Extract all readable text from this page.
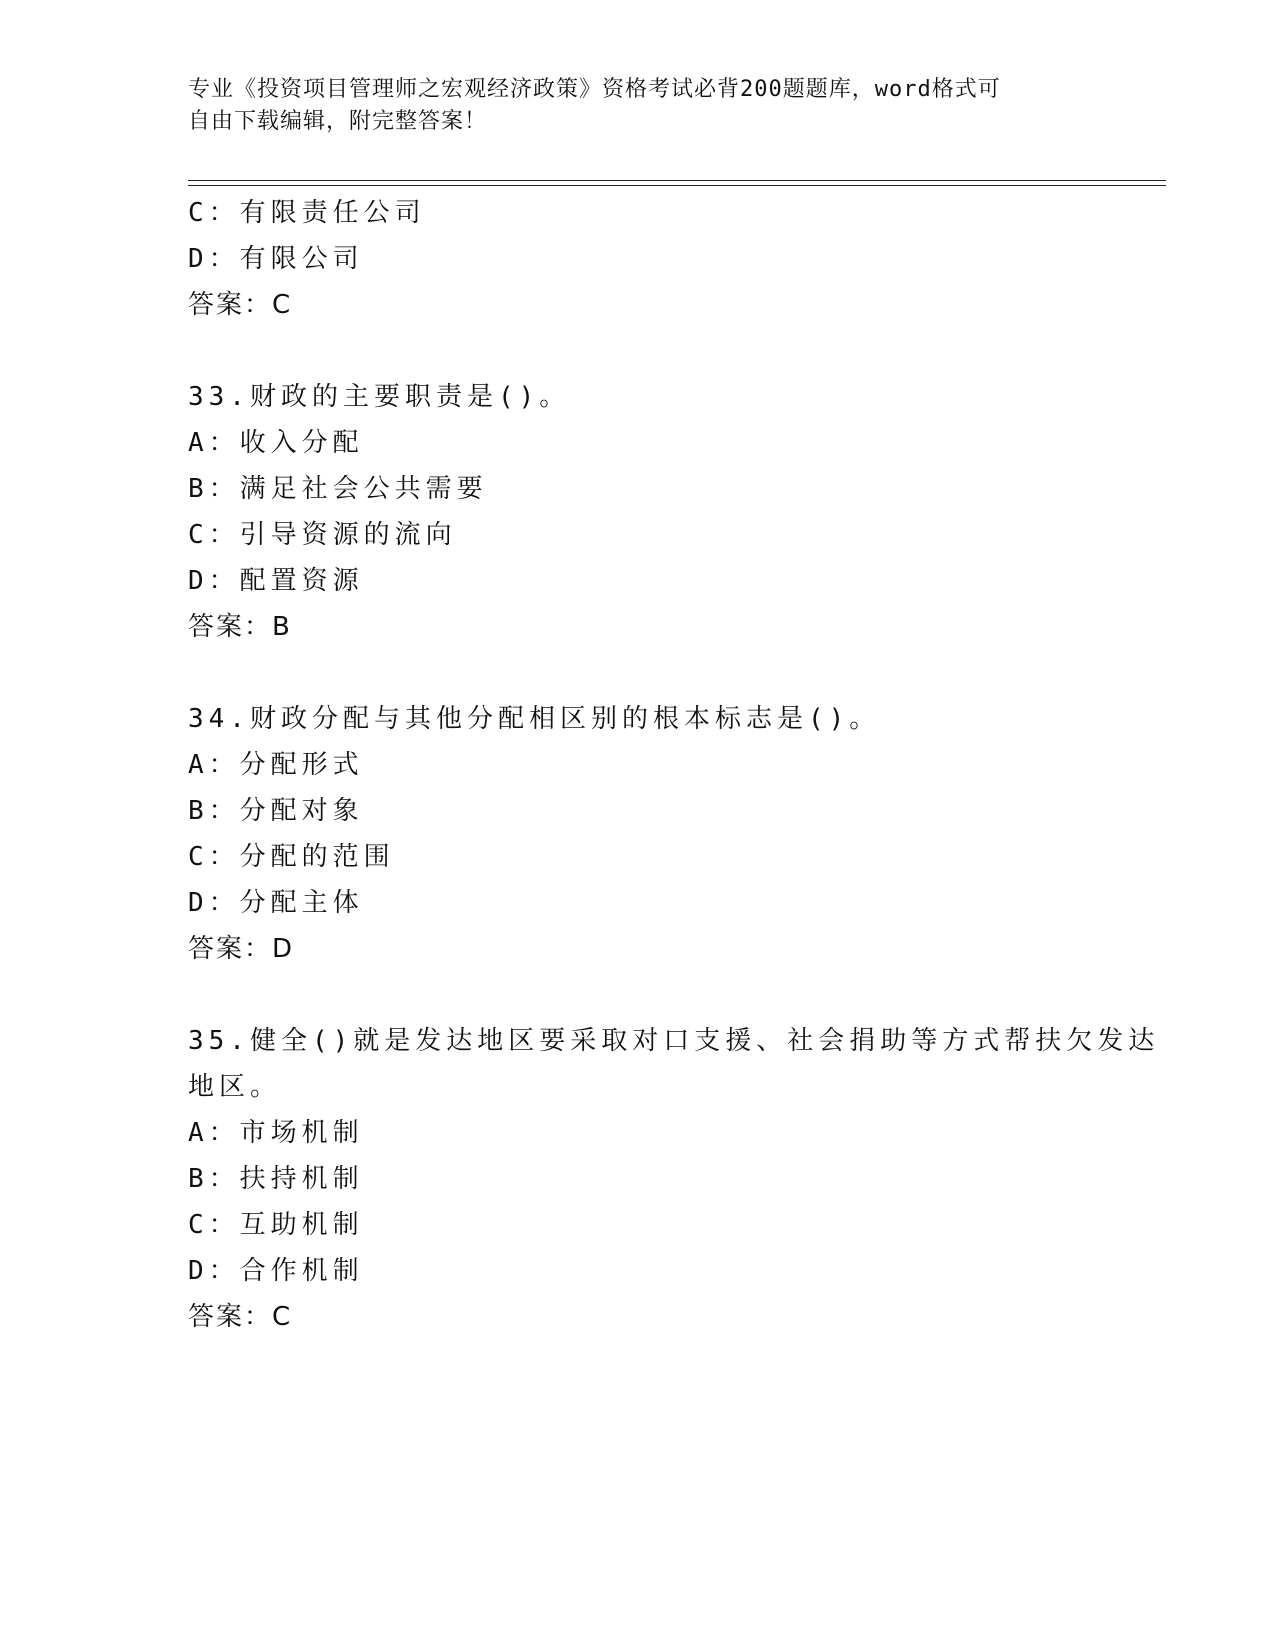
专业《投资项目管理师之宏观经济政策》资格考试必背200题题库，word格式可
自由下载编辑，附完整答案！
C：有限责任公司
D：有限公司
答案：C
33.财政的主要职责是()。
A：收入分配
B：满足社会公共需要
C：引导资源的流向
D：配置资源
答案：B
34.财政分配与其他分配相区别的根本标志是()。
A：分配形式
B：分配对象
C：分配的范围
D：分配主体
答案：D
35.健全()就是发达地区要采取对口支援、社会捐助等方式帮扶欠发达
地区。
A：市场机制
B：扶持机制
C：互助机制
D：合作机制
答案：C
